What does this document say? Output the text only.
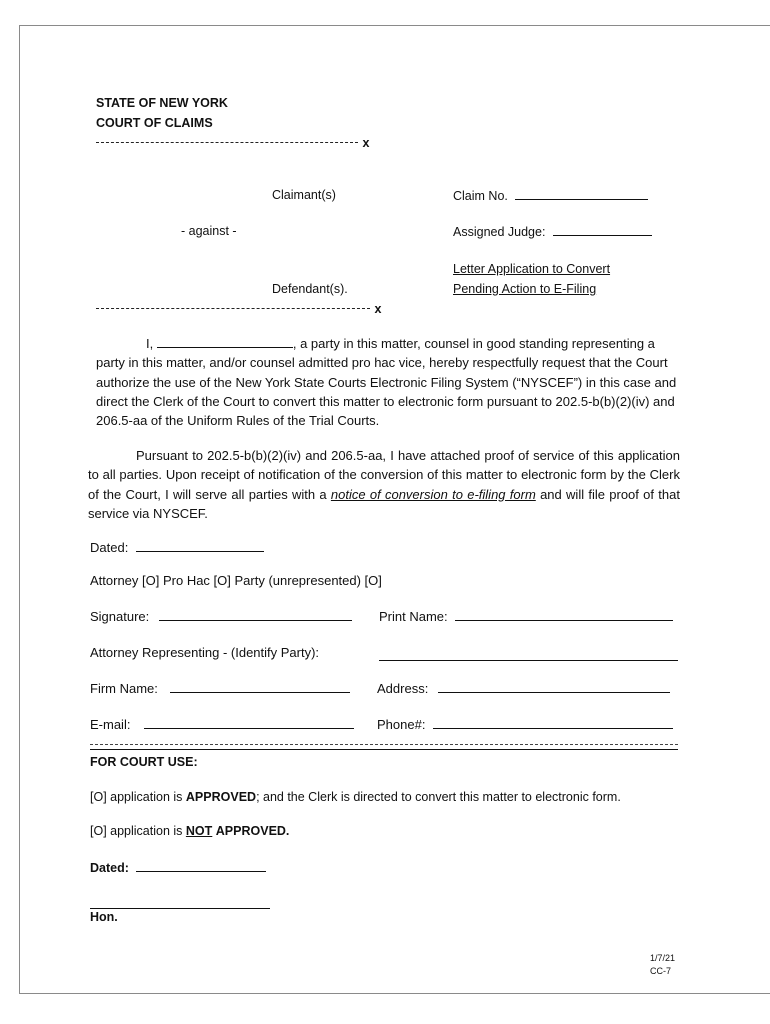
STATE OF NEW YORK
COURT OF CLAIMS
x
Claimant(s)	Claim No.
- against -	Assigned Judge:
Letter Application to Convert
Defendant(s).	Pending Action to E-Filing
x

I,	, a party in this matter, counsel in good standing representing a party in this matter, and/or counsel admitted pro hac vice, hereby respectfully request that the Court authorize the use of the New York State Courts Electronic Filing System (“NYSCEF”) in this case and direct the Clerk of the Court to convert this matter to electronic form pursuant to 202.5-b(b)(2)(iv) and 206.5-aa of the Uniform Rules of the Trial Courts.

Pursuant to 202.5-b(b)(2)(iv) and 206.5-aa, I have attached proof of service of this application to all parties. Upon receipt of notification of the conversion of this matter to electronic form by the Clerk of the Court, I will serve all parties with a notice of conversion to e-filing form and will file proof of that service via NYSCEF.

Dated:
Attorney [O] Pro Hac [O] Party (unrepresented) [O]
Signature:	Print Name:
Attorney Representing - (Identify Party):
Firm Name:	Address:
E-mail:	Phone#:
FOR COURT USE:
[O] application is APPROVED; and the Clerk is directed to convert this matter to electronic form.
[O] application is NOT APPROVED.
Dated:
Hon.
1/7/21
CC-7
